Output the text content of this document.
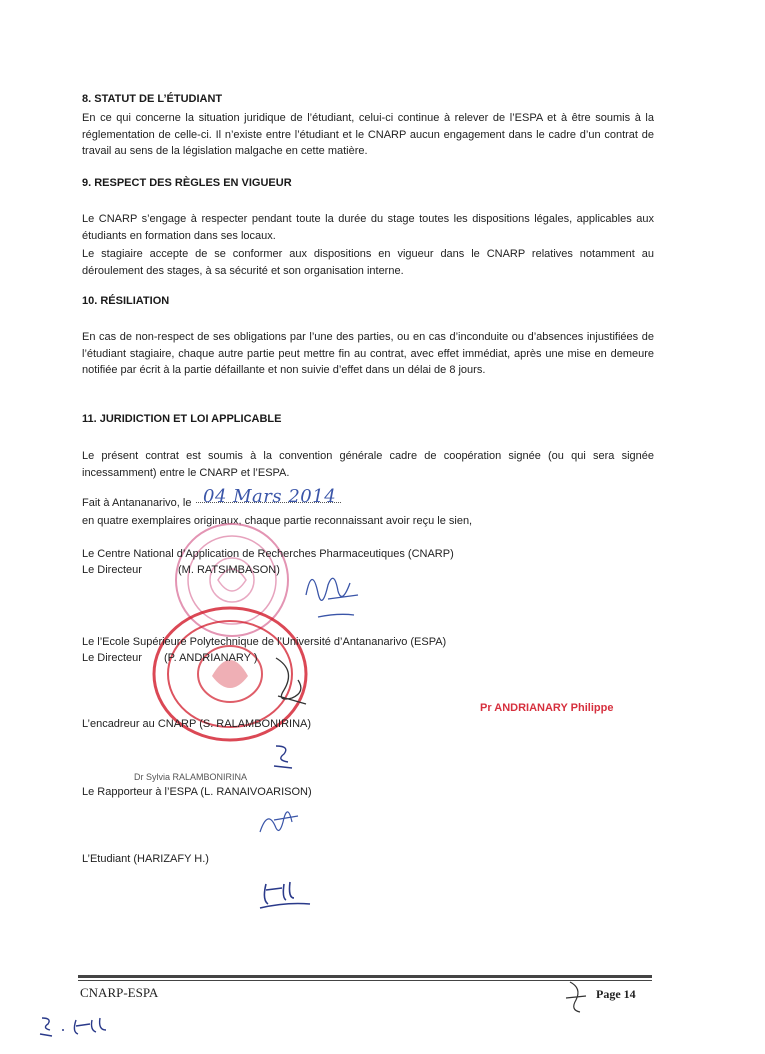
8. STATUT DE L’ÉTUDIANT
En ce qui concerne la situation juridique de l’étudiant, celui-ci continue à relever de l’ESPA et à être soumis à la réglementation de celle-ci. Il n’existe entre l’étudiant et le CNARP aucun engagement dans le cadre d’un contrat de travail au sens de la législation malgache en cette matière.
9. RESPECT DES RÈGLES EN VIGUEUR
Le CNARP s’engage à respecter pendant toute la durée du stage toutes les dispositions légales, applicables aux étudiants en formation dans ses locaux.
Le stagiaire accepte de se conformer aux dispositions en vigueur dans le CNARP relatives notamment au déroulement des stages, à sa sécurité et son organisation interne.
10. RÉSILIATION
En cas de non-respect de ses obligations par l’une des parties, ou en cas d’inconduite ou d’absences injustifiées de l’étudiant stagiaire, chaque autre partie peut mettre fin au contrat, avec effet immédiat, après une mise en demeure notifiée par écrit à la partie défaillante et non suivie d’effet dans un délai de 8 jours.
11. JURIDICTION ET LOI APPLICABLE
Le présent contrat est soumis à la convention générale cadre de coopération signée (ou qui sera signée incessamment) entre le CNARP et l’ESPA.
Fait à Antananarivo, le 04 Mars 2014
en quatre exemplaires originaux, chaque partie reconnaissant avoir reçu le sien,
Le Centre National d’Application de Recherches Pharmaceutiques (CNARP)
Le Directeur	(M. RATSIMBASON)
Le l’Ecole Supérieure Polytechnique de l’Université d’Antananarivo (ESPA)
Le Directeur (P. ANDRIANARY )
Pr ANDRIANARY Philippe
L’encadreur au CNARP (S. RALAMBONIRINA)
Dr Sylvia RALAMBONIRINA
Le Rapporteur à l’ESPA (L. RANAIVOARISON)
L’Etudiant (HARIZAFY H.)
CNARP-ESPA	Page 14
